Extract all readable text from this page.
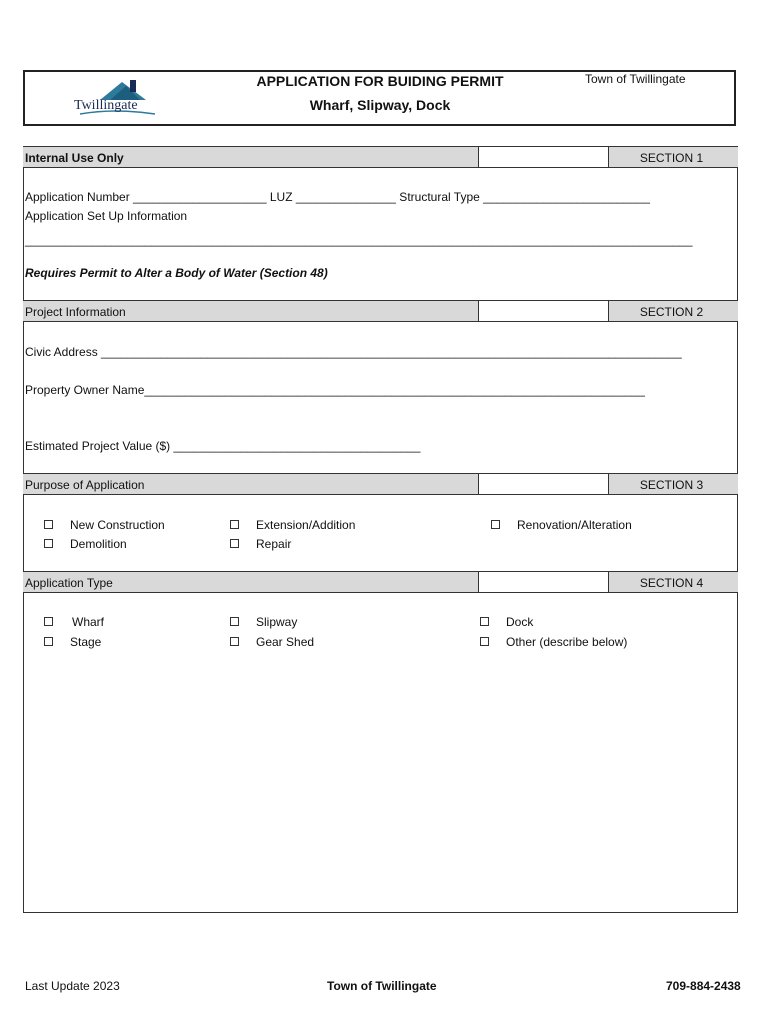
Twillingate
APPLICATION FOR BUIDING PERMIT
Wharf, Slipway, Dock
Town of Twillingate
Internal Use Only	SECTION 1
Application Number ____________________ LUZ _______________ Structural Type _________________________
Application Set Up Information
____________________________________________________________________________________________________
Requires Permit to Alter a Body of Water (Section 48)
Project Information	SECTION 2
Civic Address _______________________________________________________________________________________
Property Owner Name___________________________________________________________________________
Estimated Project Value ($) _____________________________________
Purpose of Application	SECTION 3
New Construction
Demolition
Extension/Addition
Repair
Renovation/Alteration
Application Type	SECTION 4
Wharf
Stage
Slipway
Gear Shed
Dock
Other (describe below)
Last Update 2023	Town of Twillingate	709-884-2438
